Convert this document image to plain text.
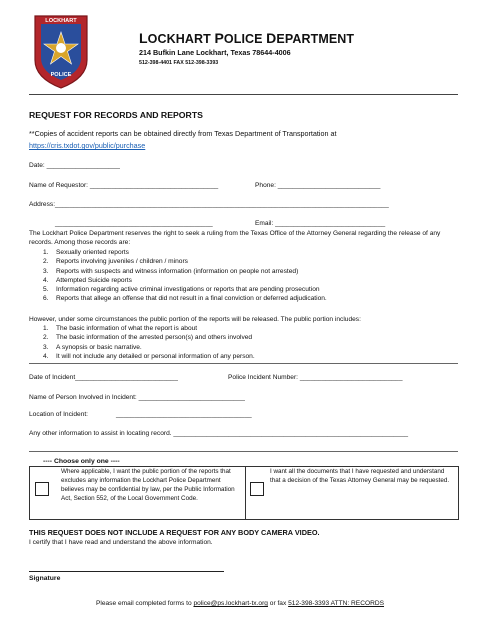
LOCKHART
POLICE
LOCKHART POLICE DEPARTMENT
214 Bufkin Lane Lockhart, Texas 78644-4006
512-398-4401 FAX 512-398-3393
REQUEST FOR RECORDS AND REPORTS
**Copies of accident reports can be obtained directly from Texas Department of Transportation at
https://cris.txdot.gov/public/purchase
Date: ____________________
Name of Requestor: ___________________________________	Phone: ____________________________
Address:___________________________________________________________________________________________
___________________________________________	Email: ______________________________
The Lockhart Police Department reserves the right to seek a ruling from the Texas Office of the Attorney General regarding the release of any records. Among those records are:
1. Sexually oriented reports
2. Reports involving juveniles / children / minors
3. Reports with suspects and witness information (information on people not arrested)
4. Attempted Suicide reports
5. Information regarding active criminal investigations or reports that are pending prosecution
6. Reports that allege an offense that did not result in a final conviction or deferred adjudication.
However, under some circumstances the public portion of the reports will be released. The public portion includes:
1. The basic information of what the report is about
2. The basic information of the arrested person(s) and others involved
3. A synopsis or basic narrative.
4. It will not include any detailed or personal information of any person.
Date of Incident____________________________	Police Incident Number: ____________________________
Name of Person Involved in Incident: _____________________________
Location of Incident:	_____________________________________
Any other information to assist in locating record. ________________________________________________________________
---- Choose only one ----
Where applicable, I want the public portion of the reports that excludes any information the Lockhart Police Department believes may be confidential by law, per the Public Information Act, Section 552, of the Local Government Code.
I want all the documents that I have requested and understand that a decision of the Texas Attorney General may be requested.
THIS REQUEST DOES NOT INCLUDE A REQUEST FOR ANY BODY CAMERA VIDEO.
I certify that I have read and understand the above information.
Signature
Please email completed forms to police@ps.lockhart-tx.org or fax 512-398-3393 ATTN: RECORDS
